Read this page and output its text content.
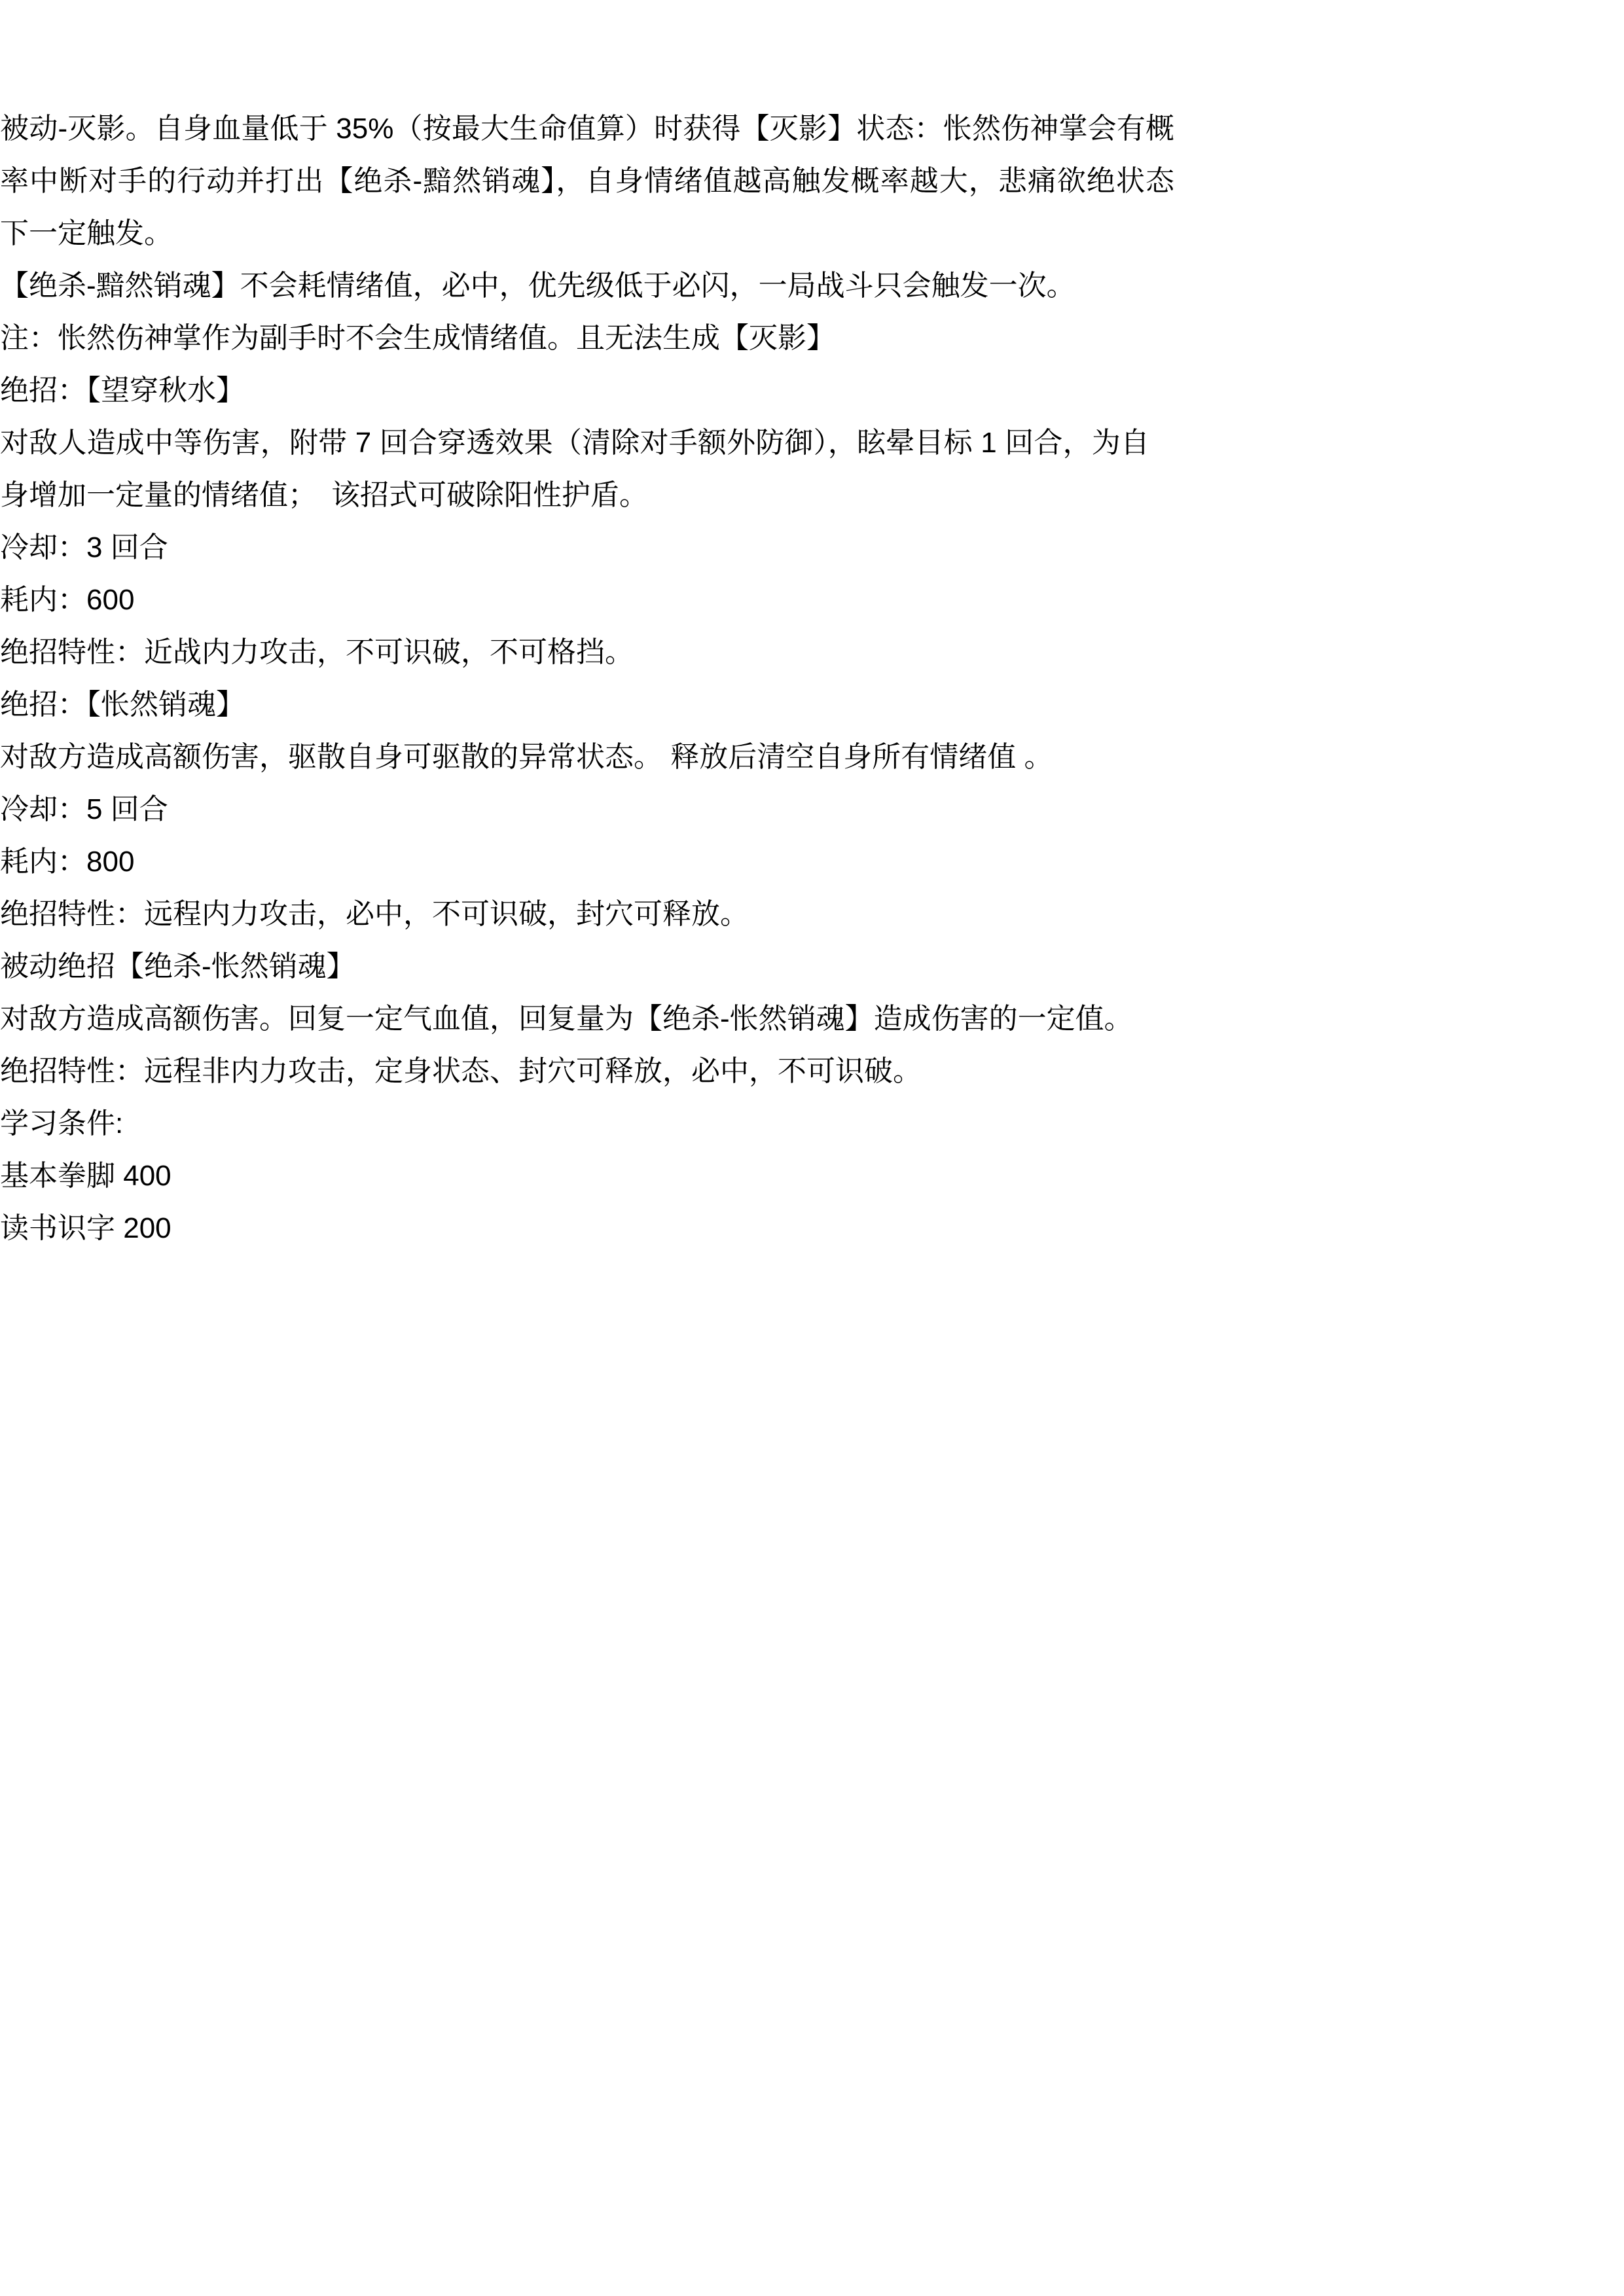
被动-灭影。自身血量低于 35%（按最大生命值算）时获得【灭影】状态：怅然伤神掌会有概率中断对手的行动并打出【绝杀-黯然销魂】，自身情绪值越高触发概率越大，悲痛欲绝状态下一定触发。

【绝杀-黯然销魂】不会耗情绪值，必中，优先级低于必闪，一局战斗只会触发一次。

注：怅然伤神掌作为副手时不会生成情绪值。且无法生成【灭影】

绝招：【望穿秋水】

对敌人造成中等伤害，附带 7 回合穿透效果（清除对手额外防御），眩晕目标 1 回合，为自身增加一定量的情绪值；　该招式可破除阳性护盾。

冷却：3 回合

耗内：600

绝招特性：近战内力攻击，不可识破，不可格挡。

绝招：【怅然销魂】

对敌方造成高额伤害，驱散自身可驱散的异常状态。 释放后清空自身所有情绪值 。

冷却：5 回合

耗内：800

绝招特性：远程内力攻击，必中，不可识破，封穴可释放。

被动绝招【绝杀-怅然销魂】

对敌方造成高额伤害。回复一定气血值，回复量为【绝杀-怅然销魂】造成伤害的一定值。

绝招特性：远程非内力攻击，定身状态、封穴可释放，必中，不可识破。

学习条件:

基本拳脚 400

读书识字 200
